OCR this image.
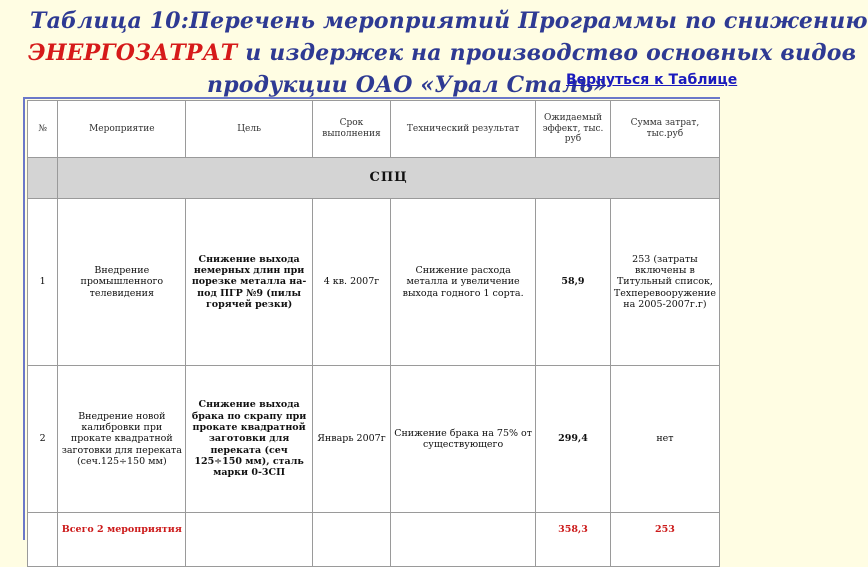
Таблица 10:Перечень мероприятий Программы по снижению
ЭНЕРГОЗАТРАТ и издержек на производство основных видов
продукции ОАО «Урал Сталь»
Вернуться к Таблице
№	Мероприятие	Цель	Срок выполнения	Технический результат	Ожидаемый эффект, тыс. руб	Сумма затрат, тыс.руб
	СПЦ					
1	Внедрение промышленного телевидения	Снижение выхода немерных длин при порезке металла на-под ПГР №9 (пилы горячей резки)	4 кв. 2007г	Снижение расхода металла и увеличение выхода годного 1 сорта.	58,9	253 (затраты включены в Титульный список, Техперевооружение на 2005-2007г.г)
2	Внедрение новой калибровки при прокате квадратной заготовки для переката (сеч.125÷150 мм)	Снижение выхода брака по скрапу при прокате квадратной заготовки для переката (сеч 125÷150 мм), сталь марки 0-3СП	Январь 2007г	Снижение брака на 75% от существующего	299,4	нет
	Всего 2 мероприятия				358,3	253
